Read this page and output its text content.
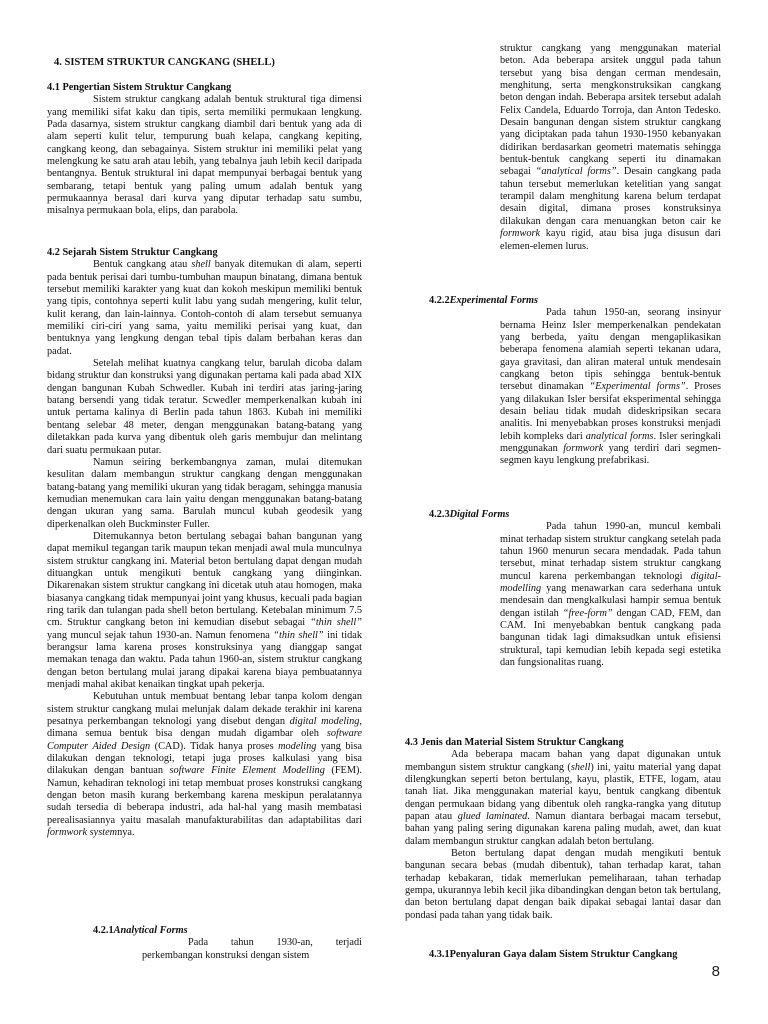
4. SISTEM STRUKTUR CANGKANG (SHELL)
4.1 Pengertian Sistem Struktur Cangkang

Sistem struktur cangkang adalah bentuk struktural tiga dimensi yang memiliki sifat kaku dan tipis, serta memiliki permukaan lengkung. Pada dasarnya, sistem struktur cangkang diambil dari bentuk yang ada di alam seperti kulit telur, tempurung buah kelapa, cangkang kepiting, cangkang keong, dan sebagainya. Sistem struktur ini memiliki pelat yang melengkung ke satu arah atau lebih, yang tebalnya jauh lebih kecil daripada bentangnya. Bentuk struktural ini dapat mempunyai berbagai bentuk yang sembarang, tetapi bentuk yang paling umum adalah bentuk yang permukaannya berasal dari kurva yang diputar terhadap satu sumbu, misalnya permukaan bola, elips, dan parabola.

4.2 Sejarah Sistem Struktur Cangkang

Bentuk cangkang atau shell banyak ditemukan di alam, seperti pada bentuk perisai dari tumbu-tumbuhan maupun binatang, dimana bentuk tersebut memiliki karakter yang kuat dan kokoh meskipun memiliki bentuk yang tipis, contohnya seperti kulit labu yang sudah mengering, kulit telur, kulit kerang, dan lain-lainnya. Contoh-contoh di alam tersebut semuanya memiliki ciri-ciri yang sama, yaitu memiliki perisai yang kuat, dan bentuknya yang lengkung dengan tebal tipis dalam berbahan keras dan padat.

Setelah melihat kuatnya cangkang telur, barulah dicoba dalam bidang struktur dan konstruksi yang digunakan pertama kali pada abad XIX dengan bangunan Kubah Schwedler. Kubah ini terdiri atas jaring-jaring batang bersendi yang tidak teratur. Scwedler memperkenalkan kubah ini untuk pertama kalinya di Berlin pada tahun 1863. Kubah ini memiliki bentang selebar 48 meter, dengan menggunakan batang-batang yang diletakkan pada kurva yang dibentuk oleh garis membujur dan melintang dari suatu permukaan putar.

Namun seiring berkembangnya zaman, mulai ditemukan kesulitan dalam membangun struktur cangkang dengan menggunakan batang-batang yang memiliki ukuran yang tidak beragam, sehingga manusia kemudian menemukan cara lain yaitu dengan menggunakan batang-batang dengan ukuran yang sama. Barulah muncul kubah geodesik yang diperkenalkan oleh Buckminster Fuller.

Ditemukannya beton bertulang sebagai bahan bangunan yang dapat memikul tegangan tarik maupun tekan menjadi awal mula munculnya sistem struktur cangkang ini. Material beton bertulang dapat dengan mudah dituangkan untuk mengikuti bentuk cangkang yang diinginkan. Dikarenakan sistem struktur cangkang ini dicetak utuh atau homogen, maka biasanya cangkang tidak mempunyai joint yang khusus, kecuali pada bagian ring tarik dan tulangan pada shell beton bertulang. Ketebalan minimum 7.5 cm. Struktur cangkang beton ini kemudian disebut sebagai “thin shell” yang muncul sejak tahun 1930-an. Namun fenomena “thin shell” ini tidak berangsur lama karena proses konstruksinya yang dianggap sangat memakan tenaga dan waktu. Pada tahun 1960-an, sistem struktur cangkang dengan beton bertulang mulai jarang dipakai karena biaya pembuatannya menjadi mahal akibat kenaikan tingkat upah pekerja.

Kebutuhan untuk membuat bentang lebar tanpa kolom dengan sistem struktur cangkang mulai melunjak dalam dekade terakhir ini karena pesatnya perkembangan teknologi yang disebut dengan digital modeling, dimana semua bentuk bisa dengan mudah digambar oleh software Computer Aided Design (CAD). Tidak hanya proses modeling yang bisa dilakukan dengan teknologi, tetapi juga proses kalkulasi yang bisa dilakukan dengan bantuan software Finite Element Modelling (FEM). Namun, kehadiran teknologi ini tetap membuat proses konstruksi cangkang dengan beton masih kurang berkembang karena meskipun peralatannya sudah tersedia di beberapa industri, ada hal-hal yang masih membatasi perealisasiannya yaitu masalah manufakturabilitas dan adaptabilitas dari formwork systemnya.

4.2.1Analytical Forms

Pada tahun 1930-an, terjadi perkembangan konstruksi dengan sistem

struktur cangkang yang menggunakan material beton. Ada beberapa arsitek unggul pada tahun tersebut yang bisa dengan cerman mendesain, menghitung, serta mengkonstruksikan cangkang beton dengan indah. Beberapa arsitek tersebut adalah Felix Candela, Eduardo Torroja, dan Anton Tedesko. Desain bangunan dengan sistem struktur cangkang yang diciptakan pada tahun 1930-1950 kebanyakan didirikan berdasarkan geometri matematis sehingga bentuk-bentuk cangkang seperti itu dinamakan sebagai “analytical forms”. Desain cangkang pada tahun tersebut memerlukan ketelitian yang sangat terampil dalam menghitung karena belum terdapat desain digital, dimana proses konstruksinya dilakukan dengan cara menuangkan beton cair ke formwork kayu rigid, atau bisa juga disusun dari elemen-elemen lurus.

4.2.2Experimental Forms

Pada tahun 1950-an, seorang insinyur bernama Heinz Isler memperkenalkan pendekatan yang berbeda, yaitu dengan mengaplikasikan beberapa fenomena alamiah seperti tekanan udara, gaya gravitasi, dan aliran materal untuk mendesain cangkang beton tipis sehingga bentuk-bentuk tersebut dinamakan “Experimental forms”. Proses yang dilakukan Isler bersifat eksperimental sehingga desain beliau tidak mudah dideskripsikan secara analitis. Ini menyebabkan proses konstruksi menjadi lebih kompleks dari analytical forms. Isler seringkali menggunakan formwork yang terdiri dari segmen-segmen kayu lengkung prefabrikasi.

4.2.3Digital Forms

Pada tahun 1990-an, muncul kembali minat terhadap sistem struktur cangkang setelah pada tahun 1960 menurun secara mendadak. Pada tahun tersebut, minat terhadap sistem struktur cangkang muncul karena perkembangan teknologi digital-modelling yang menawarkan cara sederhana untuk mendesain dan mengkalkulasi hampir semua bentuk dengan istilah “free-form” dengan CAD, FEM, dan CAM. Ini menyebabkan bentuk cangkang pada bangunan tidak lagi dimaksudkan untuk efisiensi struktural, tapi kemudian lebih kepada segi estetika dan fungsionalitas ruang.

4.3 Jenis dan Material Sistem Struktur Cangkang

Ada beberapa macam bahan yang dapat digunakan untuk membangun sistem struktur cangkang (shell) ini, yaitu material yang dapat dilengkungkan seperti beton bertulang, kayu, plastik, ETFE, logam, atau tanah liat. Jika menggunakan material kayu, bentuk cangkang dibentuk dengan permukaan bidang yang dibentuk oleh rangka-rangka yang ditutup papan atau glued laminated. Namun diantara berbagai macam tersebut, bahan yang paling sering digunakan karena paling mudah, awet, dan kuat dalam membangun struktur cangkan adalah beton bertulang.

Beton bertulang dapat dengan mudah mengikuti bentuk bangunan secara bebas (mudah dibentuk), tahan terhadap karat, tahan terhadap kebakaran, tidak memerlukan pemeliharaan, tahan terhadap gempa, ukurannya lebih kecil jika dibandingkan dengan beton tak bertulang, dan beton bertulang dapat dengan baik dipakai sebagai lantai dasar dan pondasi pada tahan yang tidak baik.

4.3.1Penyaluran Gaya dalam Sistem Struktur Cangkang
8
